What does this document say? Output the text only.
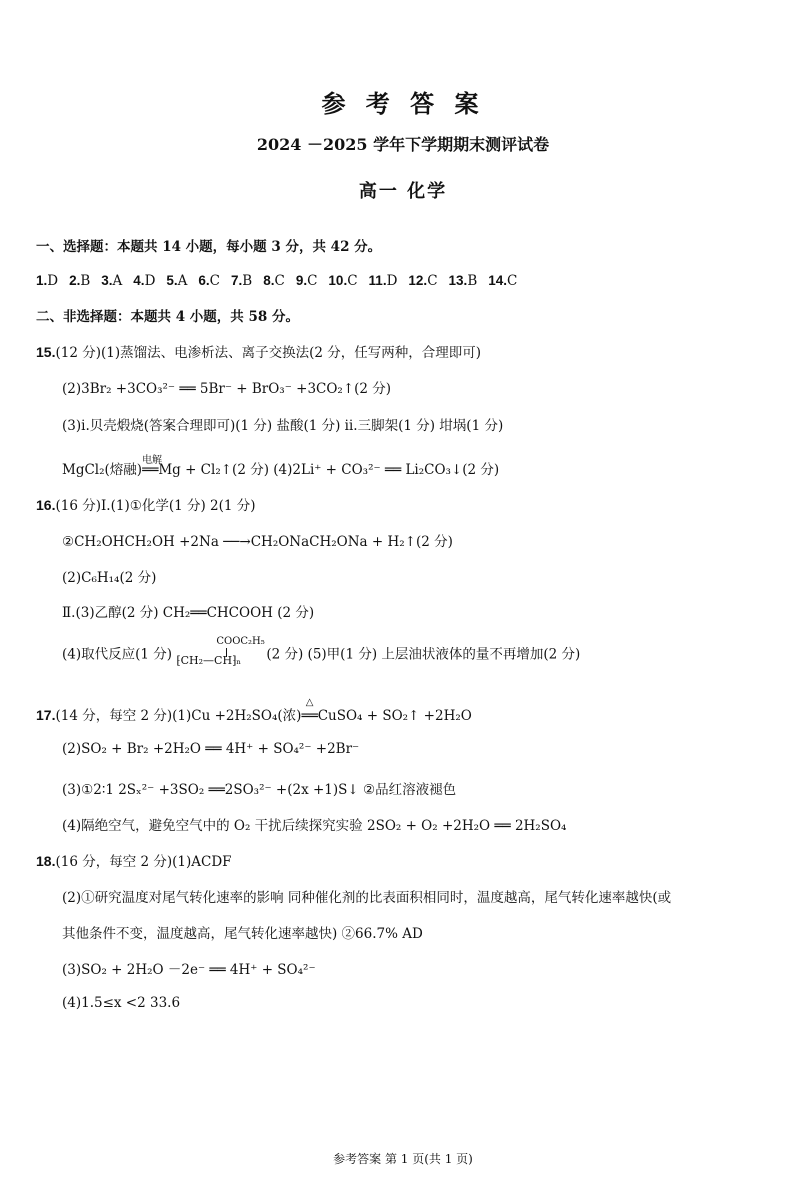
参 考 答 案
2024 －2025 学年下学期期末测评试卷
高一 化学
一、选择题：本题共 14 小题，每小题 3 分，共 42 分。
1.D 2.B 3.A 4.D 5.A 6.C 7.B 8.C 9.C 10.C 11.D 12.C 13.B 14.C
二、非选择题：本题共 4 小题，共 58 分。
15.(12 分)(1)蒸馏法、电渗析法、离子交换法(2 分，任写两种，合理即可)
(2)3Br₂ +3CO₃²⁻ ══ 5Br⁻ + BrO₃⁻ +3CO₂↑(2 分)
(3)ⅰ.贝壳煅烧(答案合理即可)(1 分) 盐酸(1 分) ⅱ.三脚架(1 分) 坩埚(1 分)
MgCl₂(熔融)
电解
══Mg + Cl₂↑(2 分) (4)2Li⁺ + CO₃²⁻ ══ Li₂CO₃↓(2 分)
16.(16 分)Ⅰ.(1)①化学(1 分) 2(1 分)
②CH₂OHCH₂OH +2Na ──→CH₂ONaCH₂ONa + H₂↑(2 分)
(2)C₆H₁₄(2 分)
Ⅱ.(3)乙醇(2 分) CH₂══CHCOOH (2 分)
(4)取代反应(1 分)
COOC₂H₅
⁅CH₂—CH⁆ₙ (2 分) (5)甲(1 分) 上层油状液体的量不再增加(2 分)
17.(14 分，每空 2 分)(1)Cu +2H₂SO₄(浓)
△
══CuSO₄ + SO₂↑ +2H₂O
(2)SO₂ + Br₂ +2H₂O ══ 4H⁺ + SO₄²⁻ +2Br⁻
(3)①2∶1 2Sₓ²⁻ +3SO₂ ══2SO₃²⁻ +(2x +1)S↓ ②品红溶液褪色
(4)隔绝空气，避免空气中的 O₂ 干扰后续探究实验 2SO₂ + O₂ +2H₂O ══ 2H₂SO₄
18.(16 分，每空 2 分)(1)ACDF
(2)①研究温度对尾气转化速率的影响 同种催化剂的比表面积相同时，温度越高，尾气转化速率越快(或
其他条件不变，温度越高，尾气转化速率越快) ②66.7% AD
(3)SO₂ + 2H₂O －2e⁻ ══ 4H⁺ + SO₄²⁻
(4)1.5≤x <2 33.6
参考答案 第 1 页(共 1 页)
